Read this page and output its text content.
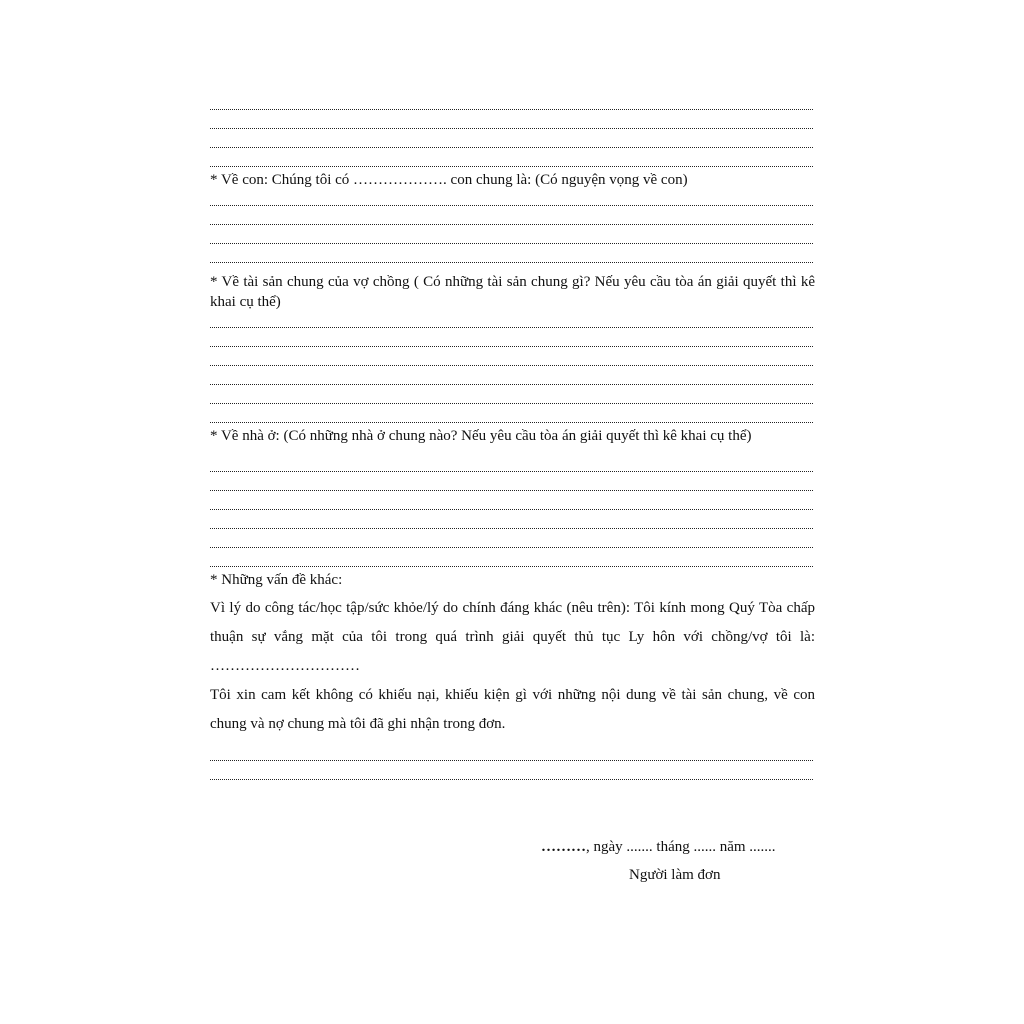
* Về con: Chúng tôi có ………………. con chung là: (Có nguyện vọng về con)
* Về tài sản chung của vợ chồng ( Có những tài sản chung gì? Nếu yêu cầu tòa án giải quyết thì kê khai cụ thể)
* Về nhà ở: (Có những nhà ở chung nào? Nếu yêu cầu tòa án giải quyết thì kê khai cụ thể)
* Những vấn đề khác:
Vì lý do công tác/học tập/sức khỏe/lý do chính đáng khác (nêu trên): Tôi kính mong Quý Tòa chấp thuận sự vắng mặt của tôi trong quá trình giải quyết thủ tục Ly hôn với chồng/vợ tôi là: …………………………
Tôi xin cam kết không có khiếu nại, khiếu kiện gì với những nội dung về tài sản chung, về con chung và nợ chung mà tôi đã ghi nhận trong đơn.
………, ngày ....... tháng ...... năm .......
Người làm đơn
